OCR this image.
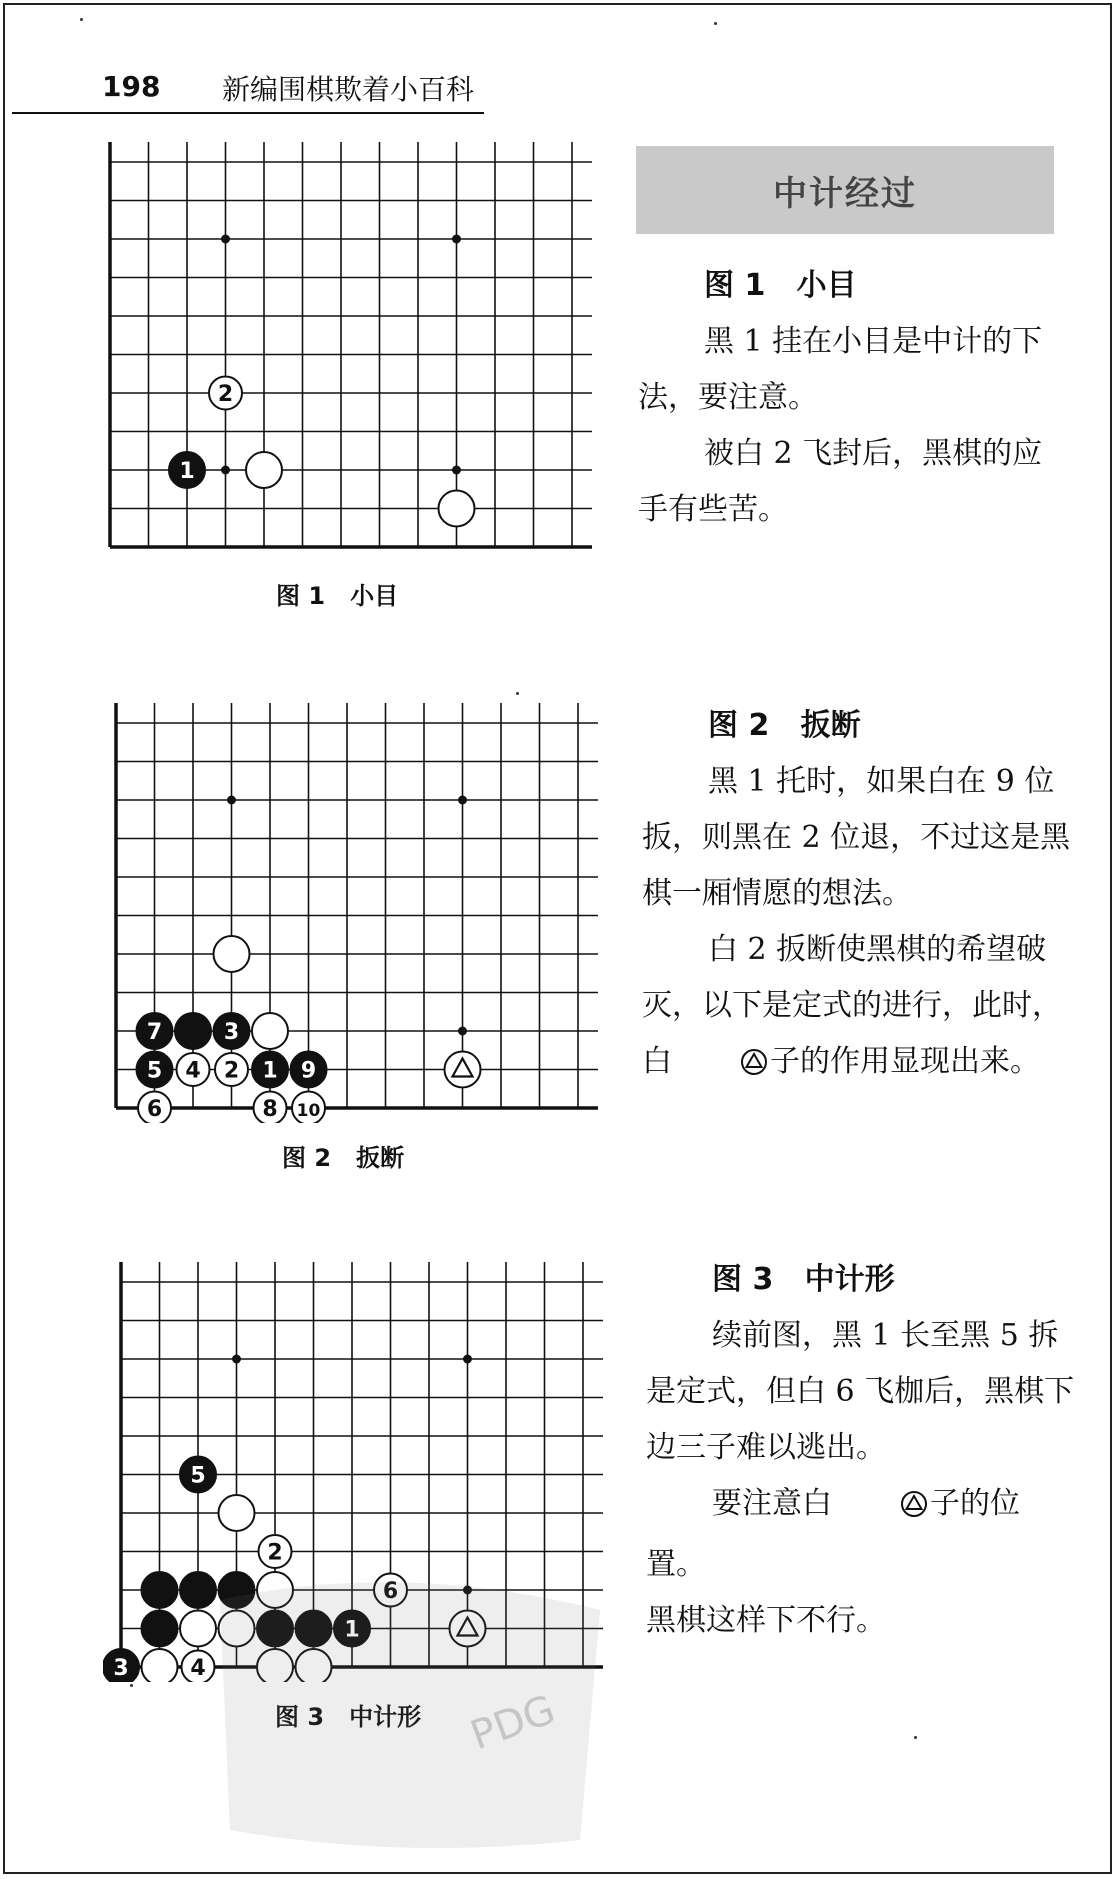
198 新编围棋欺着小百科
1
2
图 1   小目
7	3
5 4 2 1 9
6	8 10
图 2   扳断
5
2
6
1
3	4
图 3   中计形
中计经过
图 1   小目

黑 1 挂在小目是中计的下法，要注意。

被白 2 飞封后，黑棋的应手有些苦。

图 2   扳断

黑 1 托时，如果白在 9 位扳，则黑在 2 位退，不过这是黑棋一厢情愿的想法。

白 2 扳断使黑棋的希望破灭，以下是定式的进行，此时，白	子的作用显现出来。

图 3   中计形

续前图，黑 1 长至黑 5 拆是定式，但白 6 飞枷后，黑棋下边三子难以逃出。

要注意白	子的位置。

黑棋这样下不行。

PDG
